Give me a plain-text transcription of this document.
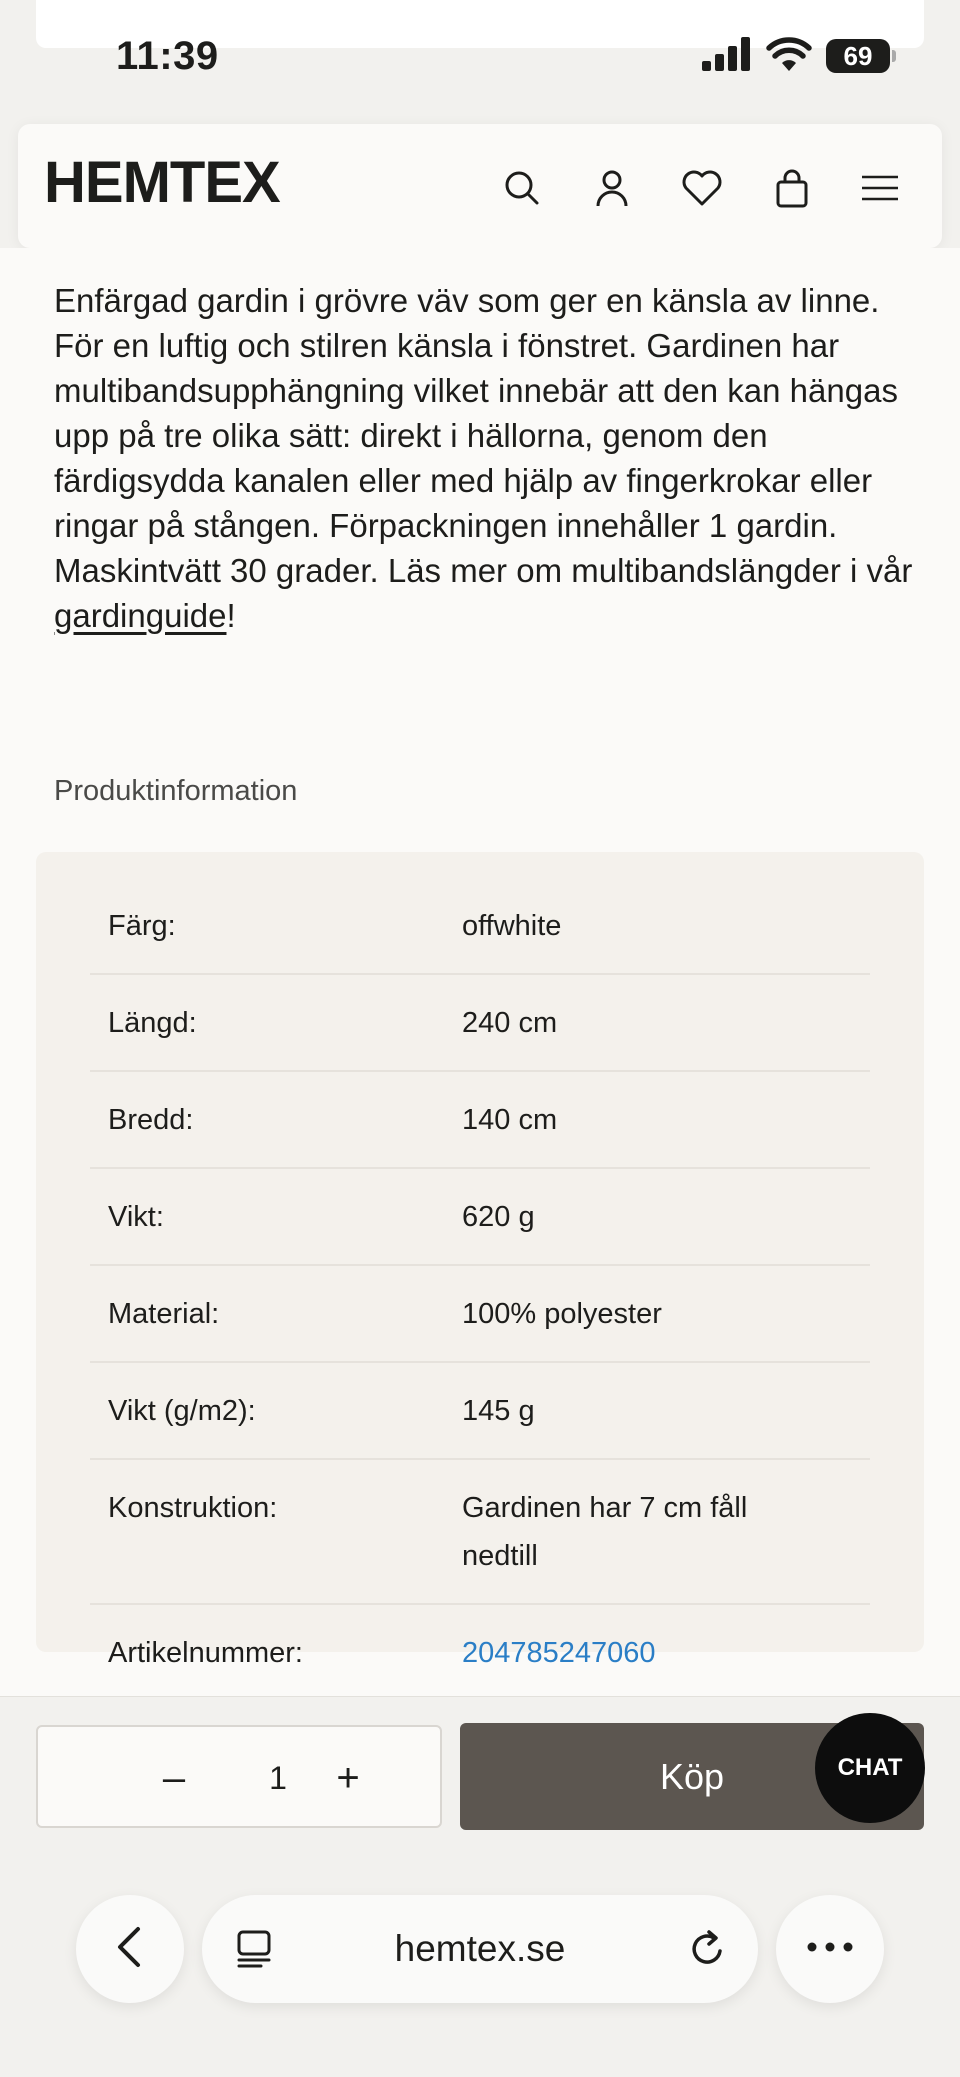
11:39	69
HEMTEX

Enfärgad gardin i grövre väv som ger en känsla av linne. För en luftig och stilren känsla i fönstret. Gardinen har multibandsupphängning vilket innebär att den kan hängas upp på tre olika sätt: direkt i hällorna, genom den färdigsydda kanalen eller med hjälp av fingerkrokar eller ringar på stången. Förpackningen innehåller 1 gardin. Maskintvätt 30 grader. Läs mer om multibandslängder i vår gardinguide!

Produktinformation
Färg:	offwhite
Längd:	240 cm
Bredd:	140 cm
Vikt:	620 g
Material:	100% polyester
Vikt (g/m2):	145 g
Konstruktion:	Gardinen har 7 cm fåll nedtill
Artikelnummer:	204785247060
–	1 +	Köp	CHAT
hemtex.se
